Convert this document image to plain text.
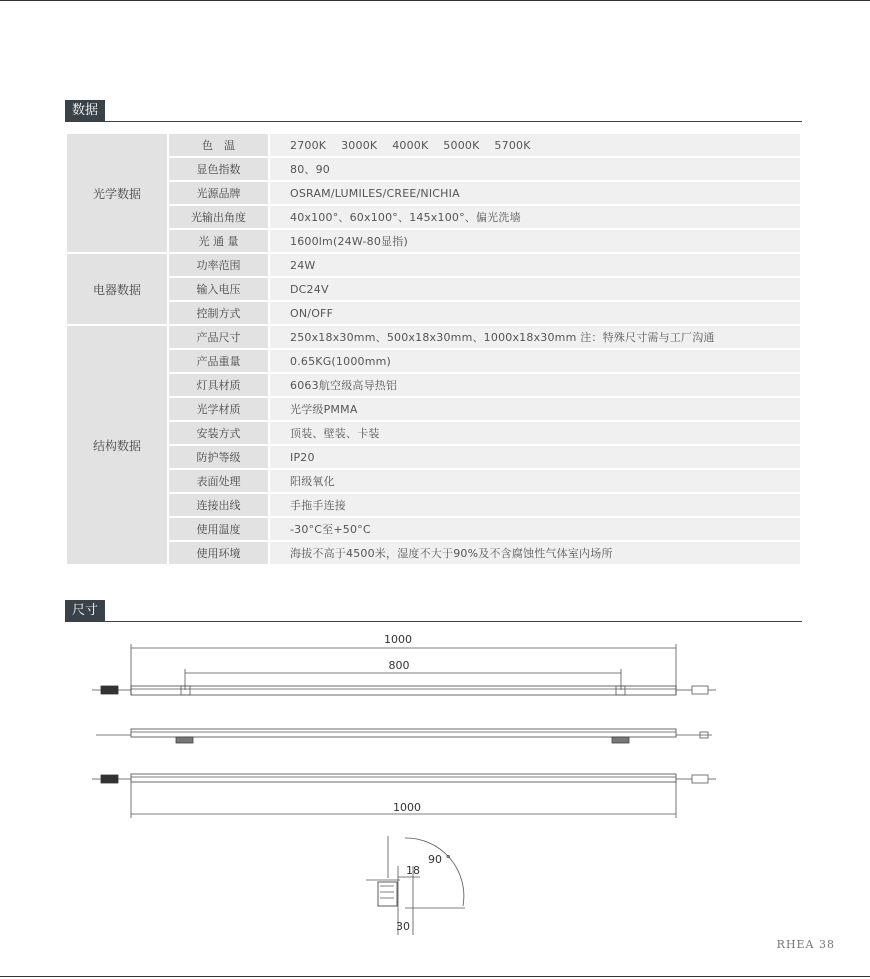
数据
光学数据	色　温	2700K　 3000K　 4000K　 5000K　 5700K
	显色指数	80、90
	光源品牌	OSRAM/LUMILES/CREE/NICHIA
	光输出角度	40x100°、60x100°、145x100°、偏光洗墙
	光 通 量	1600lm(24W-80显指)
电器数据	功率范围	24W
	输入电压	DC24V
	控制方式	ON/OFF
结构数据	产品尺寸	250x18x30mm、500x18x30mm、1000x18x30mm 注：特殊尺寸需与工厂沟通
	产品重量	0.65KG(1000mm)
	灯具材质	6063航空级高导热铝
	光学材质	光学级PMMA
	安装方式	顶装、壁装、卡装
	防护等级	IP20
	表面处理	阳级氧化
	连接出线	手拖手连接
	使用温度	-30°C至+50°C
	使用环境	海拔不高于4500米，湿度不大于90%及不含腐蚀性气体室内场所
尺寸
1000
800
1000
90 °
18
30
RHEA 38
